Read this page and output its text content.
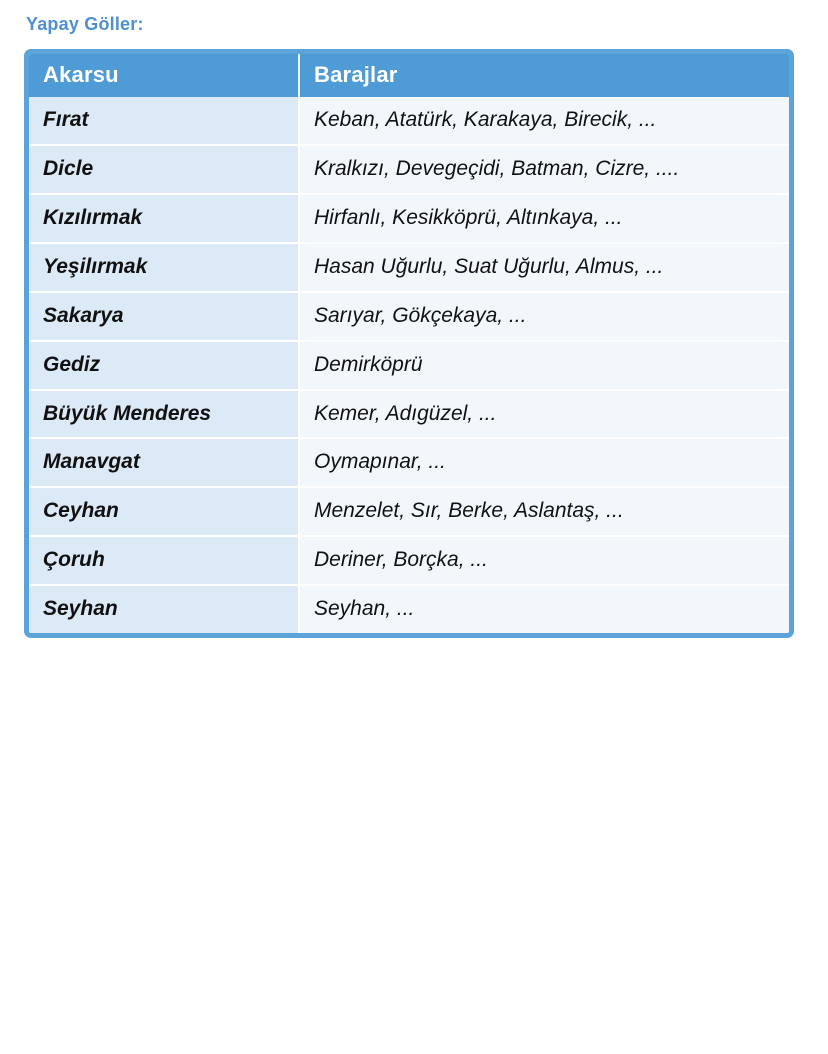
Yapay Göller:
Akarsu	Barajlar
Fırat	Keban, Atatürk, Karakaya, Birecik, ...
Dicle	Kralkızı, Devegeçidi, Batman, Cizre, ....
Kızılırmak	Hirfanlı, Kesikköprü, Altınkaya, ...
Yeşilırmak	Hasan Uğurlu, Suat Uğurlu, Almus, ...
Sakarya	Sarıyar, Gökçekaya, ...
Gediz	Demirköprü
Büyük Menderes	Kemer, Adıgüzel, ...
Manavgat	Oymapınar, ...
Ceyhan	Menzelet, Sır, Berke, Aslantaş, ...
Çoruh	Deriner, Borçka, ...
Seyhan	Seyhan, ...
